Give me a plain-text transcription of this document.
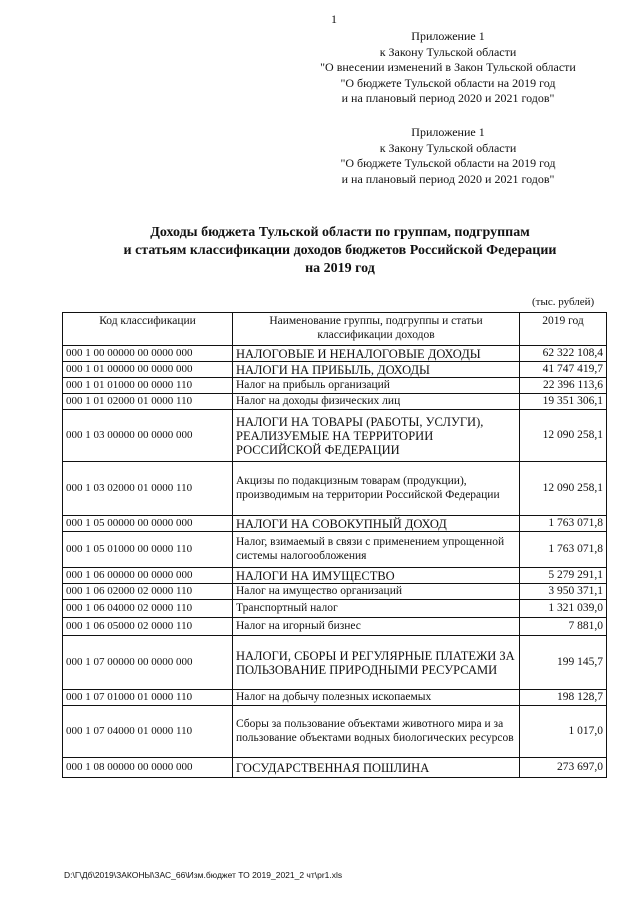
1
Приложение 1
к Закону Тульской области
"О внесении изменений в Закон Тульской области
"О бюджете Тульской области на 2019 год
и на плановый период 2020 и 2021 годов"
Приложение 1
к Закону Тульской области
"О бюджете Тульской области на 2019 год
и на плановый период 2020 и 2021 годов"
Доходы бюджета Тульской области по группам, подгруппам
и статьям классификации доходов бюджетов Российской Федерации
на 2019 год
(тыс. рублей)
Код классификации	Наименование группы, подгруппы и статьи классификации доходов	2019 год
000 1 00 00000 00 0000 000	НАЛОГОВЫЕ И НЕНАЛОГОВЫЕ ДОХОДЫ	62 322 108,4
000 1 01 00000 00 0000 000	НАЛОГИ НА ПРИБЫЛЬ, ДОХОДЫ	41 747 419,7
000 1 01 01000 00 0000 110	Налог на прибыль организаций	22 396 113,6
000 1 01 02000 01 0000 110	Налог на доходы физических лиц	19 351 306,1
000 1 03 00000 00 0000 000	НАЛОГИ НА ТОВАРЫ (РАБОТЫ, УСЛУГИ), РЕАЛИЗУЕМЫЕ НА ТЕРРИТОРИИ РОССИЙСКОЙ ФЕДЕРАЦИИ	12 090 258,1
000 1 03 02000 01 0000 110	Акцизы по подакцизным товарам (продукции), производимым на территории Российской Федерации	12 090 258,1
000 1 05 00000 00 0000 000	НАЛОГИ НА СОВОКУПНЫЙ ДОХОД	1 763 071,8
000 1 05 01000 00 0000 110	Налог, взимаемый в связи с применением упрощенной системы налогообложения	1 763 071,8
000 1 06 00000 00 0000 000	НАЛОГИ НА ИМУЩЕСТВО	5 279 291,1
000 1 06 02000 02 0000 110	Налог на имущество организаций	3 950 371,1
000 1 06 04000 02 0000 110	Транспортный налог	1 321 039,0
000 1 06 05000 02 0000 110	Налог на игорный бизнес	7 881,0
000 1 07 00000 00 0000 000	НАЛОГИ, СБОРЫ И РЕГУЛЯРНЫЕ ПЛАТЕЖИ ЗА ПОЛЬЗОВАНИЕ ПРИРОДНЫМИ РЕСУРСАМИ	199 145,7
000 1 07 01000 01 0000 110	Налог на добычу полезных ископаемых	198 128,7
000 1 07 04000 01 0000 110	Сборы за пользование объектами животного мира и за пользование объектами водных биологических ресурсов	1 017,0
000 1 08 00000 00 0000 000	ГОСУДАРСТВЕННАЯ ПОШЛИНА	273 697,0
D:\Г\Дб\2019\ЗАКОНЫ\ЗАС_66\Изм.бюджет ТО 2019_2021_2 чт\pr1.xls
